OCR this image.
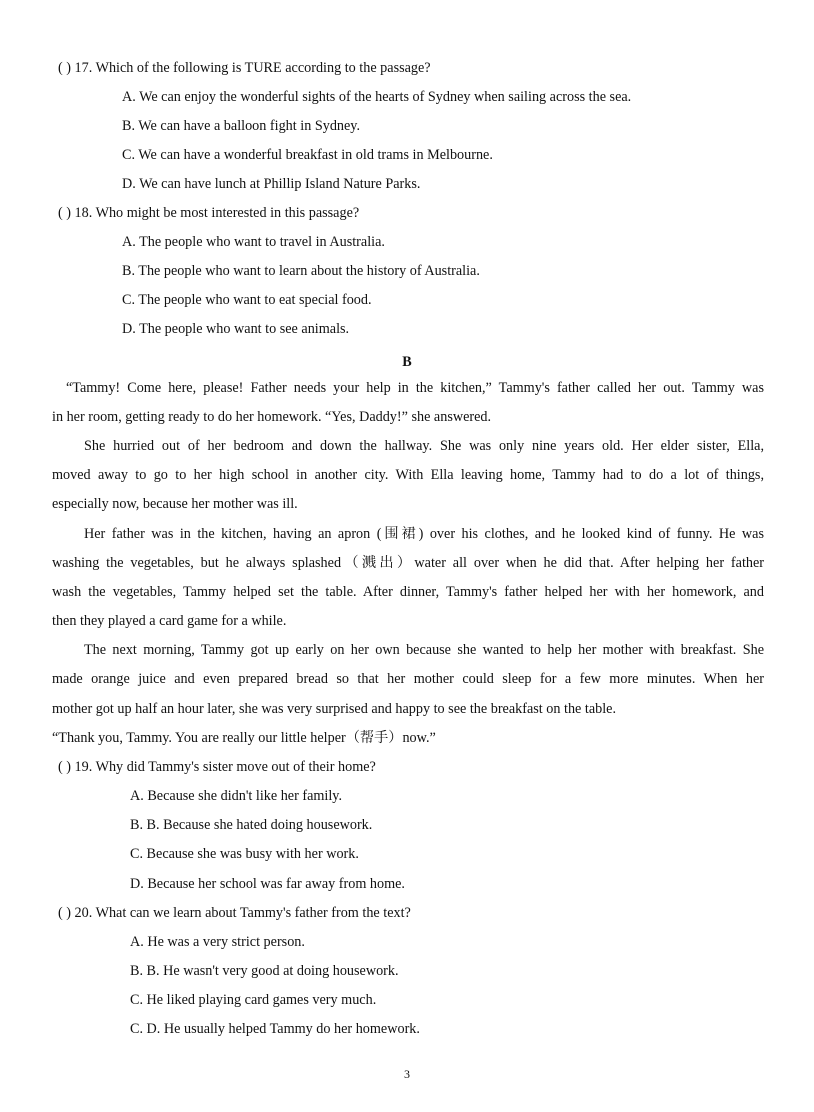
( ) 17. Which of the following is TURE according to the passage?
A. We can enjoy the wonderful sights of the hearts of Sydney when sailing across the sea.
B. We can have a balloon fight in Sydney.
C. We can have a wonderful breakfast in old trams in Melbourne.
D. We can have lunch at Phillip Island Nature Parks.
( ) 18. Who might be most interested in this passage?
A. The people who want to travel in Australia.
B. The people who want to learn about the history of Australia.
C. The people who want to eat special food.
D. The people who want to see animals.
B
“Tammy! Come here, please! Father needs your help in the kitchen,” Tammy's father called her out. Tammy was
in her room, getting ready to do her homework. “Yes, Daddy!” she answered.
She hurried out of her bedroom and down the hallway. She was only nine years old. Her elder sister, Ella,
moved away to go to her high school in another city. With Ella leaving home, Tammy had to do a lot of things,
especially now, because her mother was ill.
Her father was in the kitchen, having an apron (围裙) over his clothes, and he looked kind of funny. He was
washing the vegetables, but he always splashed（溅出）water all over when he did that. After helping her father
wash the vegetables, Tammy helped set the table. After dinner, Tammy's father helped her with her homework, and
then they played a card game for a while.
The next morning, Tammy got up early on her own because she wanted to help her mother with breakfast. She
made orange juice and even prepared bread so that her mother could sleep for a few more minutes. When her
mother got up half an hour later, she was very surprised and happy to see the breakfast on the table.
“Thank you, Tammy. You are really our little helper（帮手）now.”
( ) 19. Why did Tammy's sister move out of their home?
A. Because she didn't like her family.
B. B. Because she hated doing housework.
C. Because she was busy with her work.
D. Because her school was far away from home.
( ) 20. What can we learn about Tammy's father from the text?
A. He was a very strict person.
B. B. He wasn't very good at doing housework.
C. He liked playing card games very much.
C. D. He usually helped Tammy do her homework.
3
